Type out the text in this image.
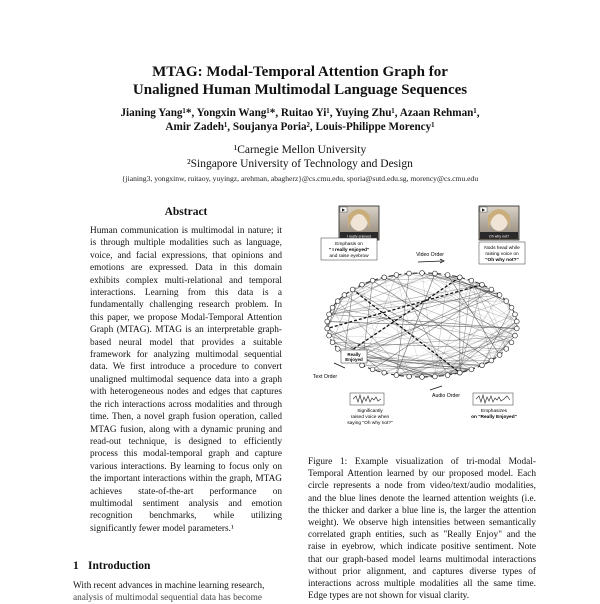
MTAG: Modal-Temporal Attention Graph for
Unaligned Human Multimodal Language Sequences
Jianing Yang¹*, Yongxin Wang¹*, Ruitao Yi¹, Yuying Zhu¹, Azaan Rehman¹,
Amir Zadeh¹, Soujanya Poria², Louis-Philippe Morency¹
¹Carnegie Mellon University
²Singapore University of Technology and Design
{jianing3, yongxinw, ruitaoy, yuyingz, arehman, abagherz}@cs.cmu.edu, sporia@sutd.edu.sg, morency@cs.cmu.edu
Abstract
Human communication is multimodal in nature; it is through multiple modalities such as language, voice, and facial expressions, that opinions and emotions are expressed. Data in this domain exhibits complex multi-relational and temporal interactions. Learning from this data is a fundamentally challenging research problem. In this paper, we propose Modal-Temporal Attention Graph (MTAG). MTAG is an interpretable graph-based neural model that provides a suitable framework for analyzing multimodal sequential data. We first introduce a procedure to convert unaligned multimodal sequence data into a graph with heterogeneous nodes and edges that captures the rich interactions across modalities and through time. Then, a novel graph fusion operation, called MTAG fusion, along with a dynamic pruning and read-out technique, is designed to efficiently process this modal-temporal graph and capture various interactions. By learning to focus only on the important interactions within the graph, MTAG achieves state-of-the-art performance on multimodal sentiment analysis and emotion recognition benchmarks, while utilizing significantly fewer model parameters.¹
1 Introduction
With recent advances in machine learning research,
analysis of multimodal sequential data has become
I really enjoyed
▶
Oh why not?
▶
Emphasis on
" I really enjoyed"
and raise eyebrow
Nods head while
raising voice on
"Oh why not?"
Video Order
Text Order
Audio Order
Really
Enjoyed
Significantly
raised voice when
saying "Oh why not?"
Emphasizes
on "Really Enjoyed"
Figure 1: Example visualization of tri-modal Modal-Temporal Attention learned by our proposed model. Each circle represents a node from video/text/audio modalities, and the blue lines denote the learned attention weights (i.e. the thicker and darker a blue line is, the larger the attention weight). We observe high intensities between semantically correlated graph entities, such as "Really Enjoy" and the raise in eyebrow, which indicate positive sentiment. Note that our graph-based model learns multimodal interactions without prior alignment, and captures diverse types of interactions across multiple modalities all the same time. Edge types are not shown for visual clarity.
